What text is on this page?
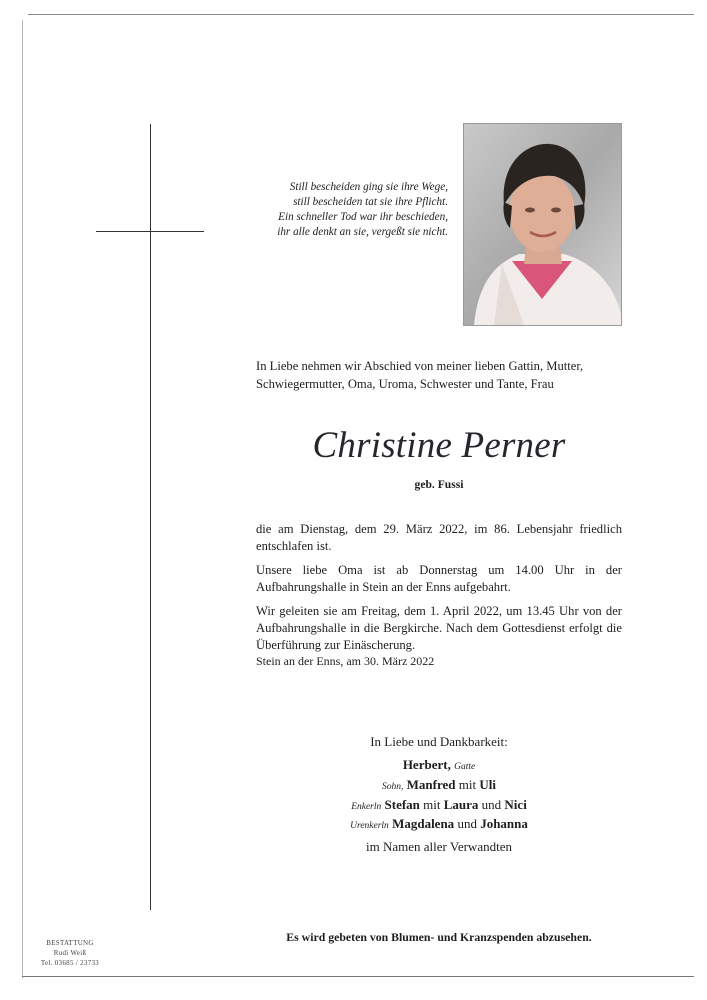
Still bescheiden ging sie ihre Wege,
still bescheiden tat sie ihre Pflicht.
Ein schneller Tod war ihr beschieden,
ihr alle denkt an sie, vergeßt sie nicht.
In Liebe nehmen wir Abschied von meiner lieben Gattin, Mutter,
Schwiegermutter, Oma, Uroma, Schwester und Tante, Frau
Christine Perner
geb. Fussi
die am Dienstag, dem 29. März 2022, im 86. Lebensjahr friedlich entschlafen ist.
Unsere liebe Oma ist ab Donnerstag um 14.00 Uhr in der Aufbahrungshalle in Stein an der Enns aufgebahrt.
Wir geleiten sie am Freitag, dem 1. April 2022, um 13.45 Uhr von der Aufbahrungshalle in die Bergkirche. Nach dem Gottesdienst erfolgt die Überführung zur Einäscherung.
Stein an der Enns, am 30. März 2022
In Liebe und Dankbarkeit:
Herbert, Gatte
Sohn, Manfred mit Uli
Enkerln Stefan mit Laura und Nici
Urenkerln Magdalena und Johanna
im Namen aller Verwandten
Es wird gebeten von Blumen- und Kranzspenden abzusehen.
BESTATTUNG
Rudi Weiß
Tel. 03685 / 23733
